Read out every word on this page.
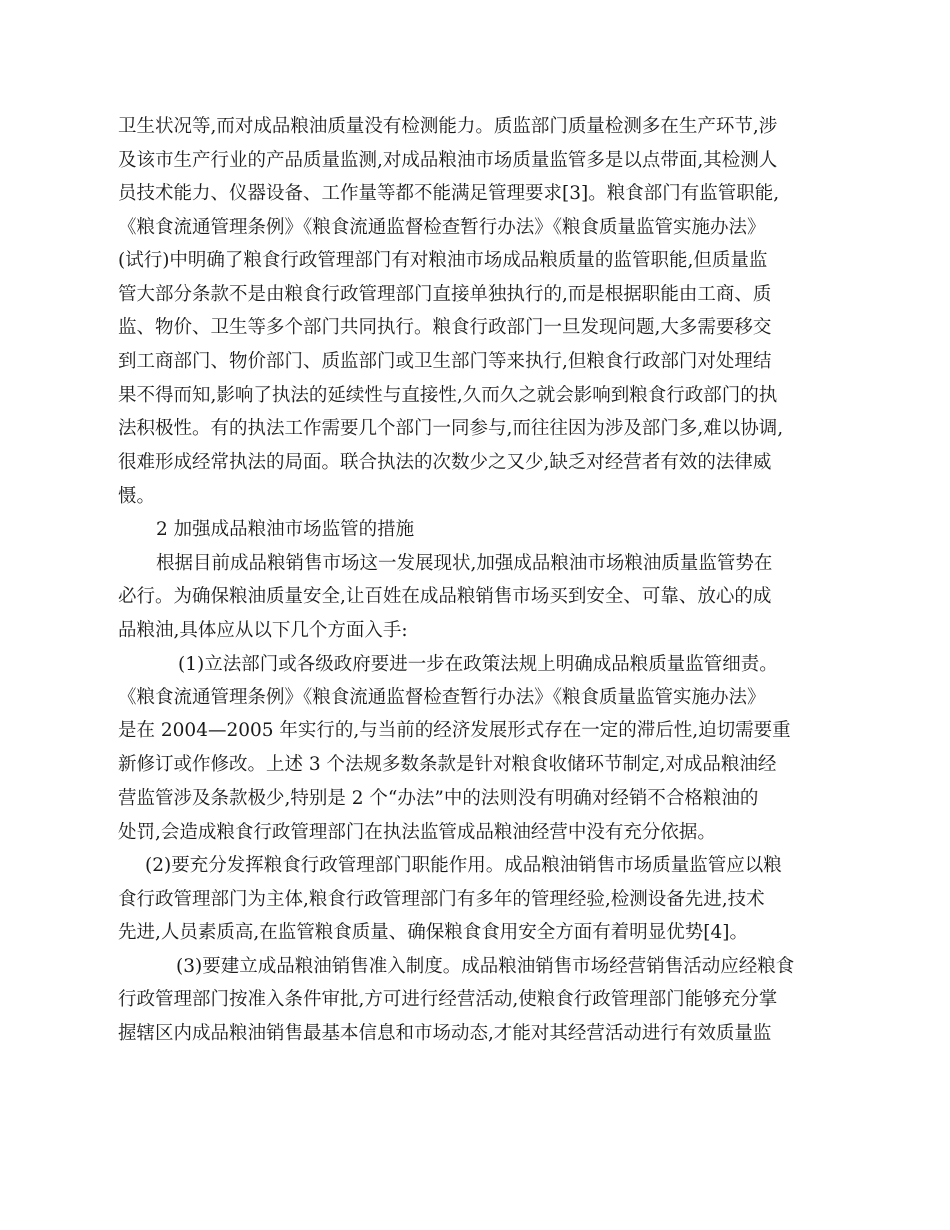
卫生状况等,而对成品粮油质量没有检测能力。质监部门质量检测多在生产环节,涉
及该市生产行业的产品质量监测,对成品粮油市场质量监管多是以点带面,其检测人
员技术能力、仪器设备、工作量等都不能满足管理要求[3]。粮食部门有监管职能,
《粮食流通管理条例》《粮食流通监督检查暂行办法》《粮食质量监管实施办法》
(试行)中明确了粮食行政管理部门有对粮油市场成品粮质量的监管职能,但质量监
管大部分条款不是由粮食行政管理部门直接单独执行的,而是根据职能由工商、质
监、物价、卫生等多个部门共同执行。粮食行政部门一旦发现问题,大多需要移交
到工商部门、物价部门、质监部门或卫生部门等来执行,但粮食行政部门对处理结
果不得而知,影响了执法的延续性与直接性,久而久之就会影响到粮食行政部门的执
法积极性。有的执法工作需要几个部门一同参与,而往往因为涉及部门多,难以协调,
很难形成经常执法的局面。联合执法的次数少之又少,缺乏对经营者有效的法律威
慑。
2 加强成品粮油市场监管的措施
根据目前成品粮销售市场这一发展现状,加强成品粮油市场粮油质量监管势在
必行。为确保粮油质量安全,让百姓在成品粮销售市场买到安全、可靠、放心的成
品粮油,具体应从以下几个方面入手:
(1)立法部门或各级政府要进一步在政策法规上明确成品粮质量监管细责。
《粮食流通管理条例》《粮食流通监督检查暂行办法》《粮食质量监管实施办法》
是在 2004—2005 年实行的,与当前的经济发展形式存在一定的滞后性,迫切需要重
新修订或作修改。上述 3 个法规多数条款是针对粮食收储环节制定,对成品粮油经
营监管涉及条款极少,特别是 2 个“办法”中的法则没有明确对经销不合格粮油的
处罚,会造成粮食行政管理部门在执法监管成品粮油经营中没有充分依据。
(2)要充分发挥粮食行政管理部门职能作用。成品粮油销售市场质量监管应以粮
食行政管理部门为主体,粮食行政管理部门有多年的管理经验,检测设备先进,技术
先进,人员素质高,在监管粮食质量、确保粮食食用安全方面有着明显优势[4]。
(3)要建立成品粮油销售准入制度。成品粮油销售市场经营销售活动应经粮食
行政管理部门按准入条件审批,方可进行经营活动,使粮食行政管理部门能够充分掌
握辖区内成品粮油销售最基本信息和市场动态,才能对其经营活动进行有效质量监
